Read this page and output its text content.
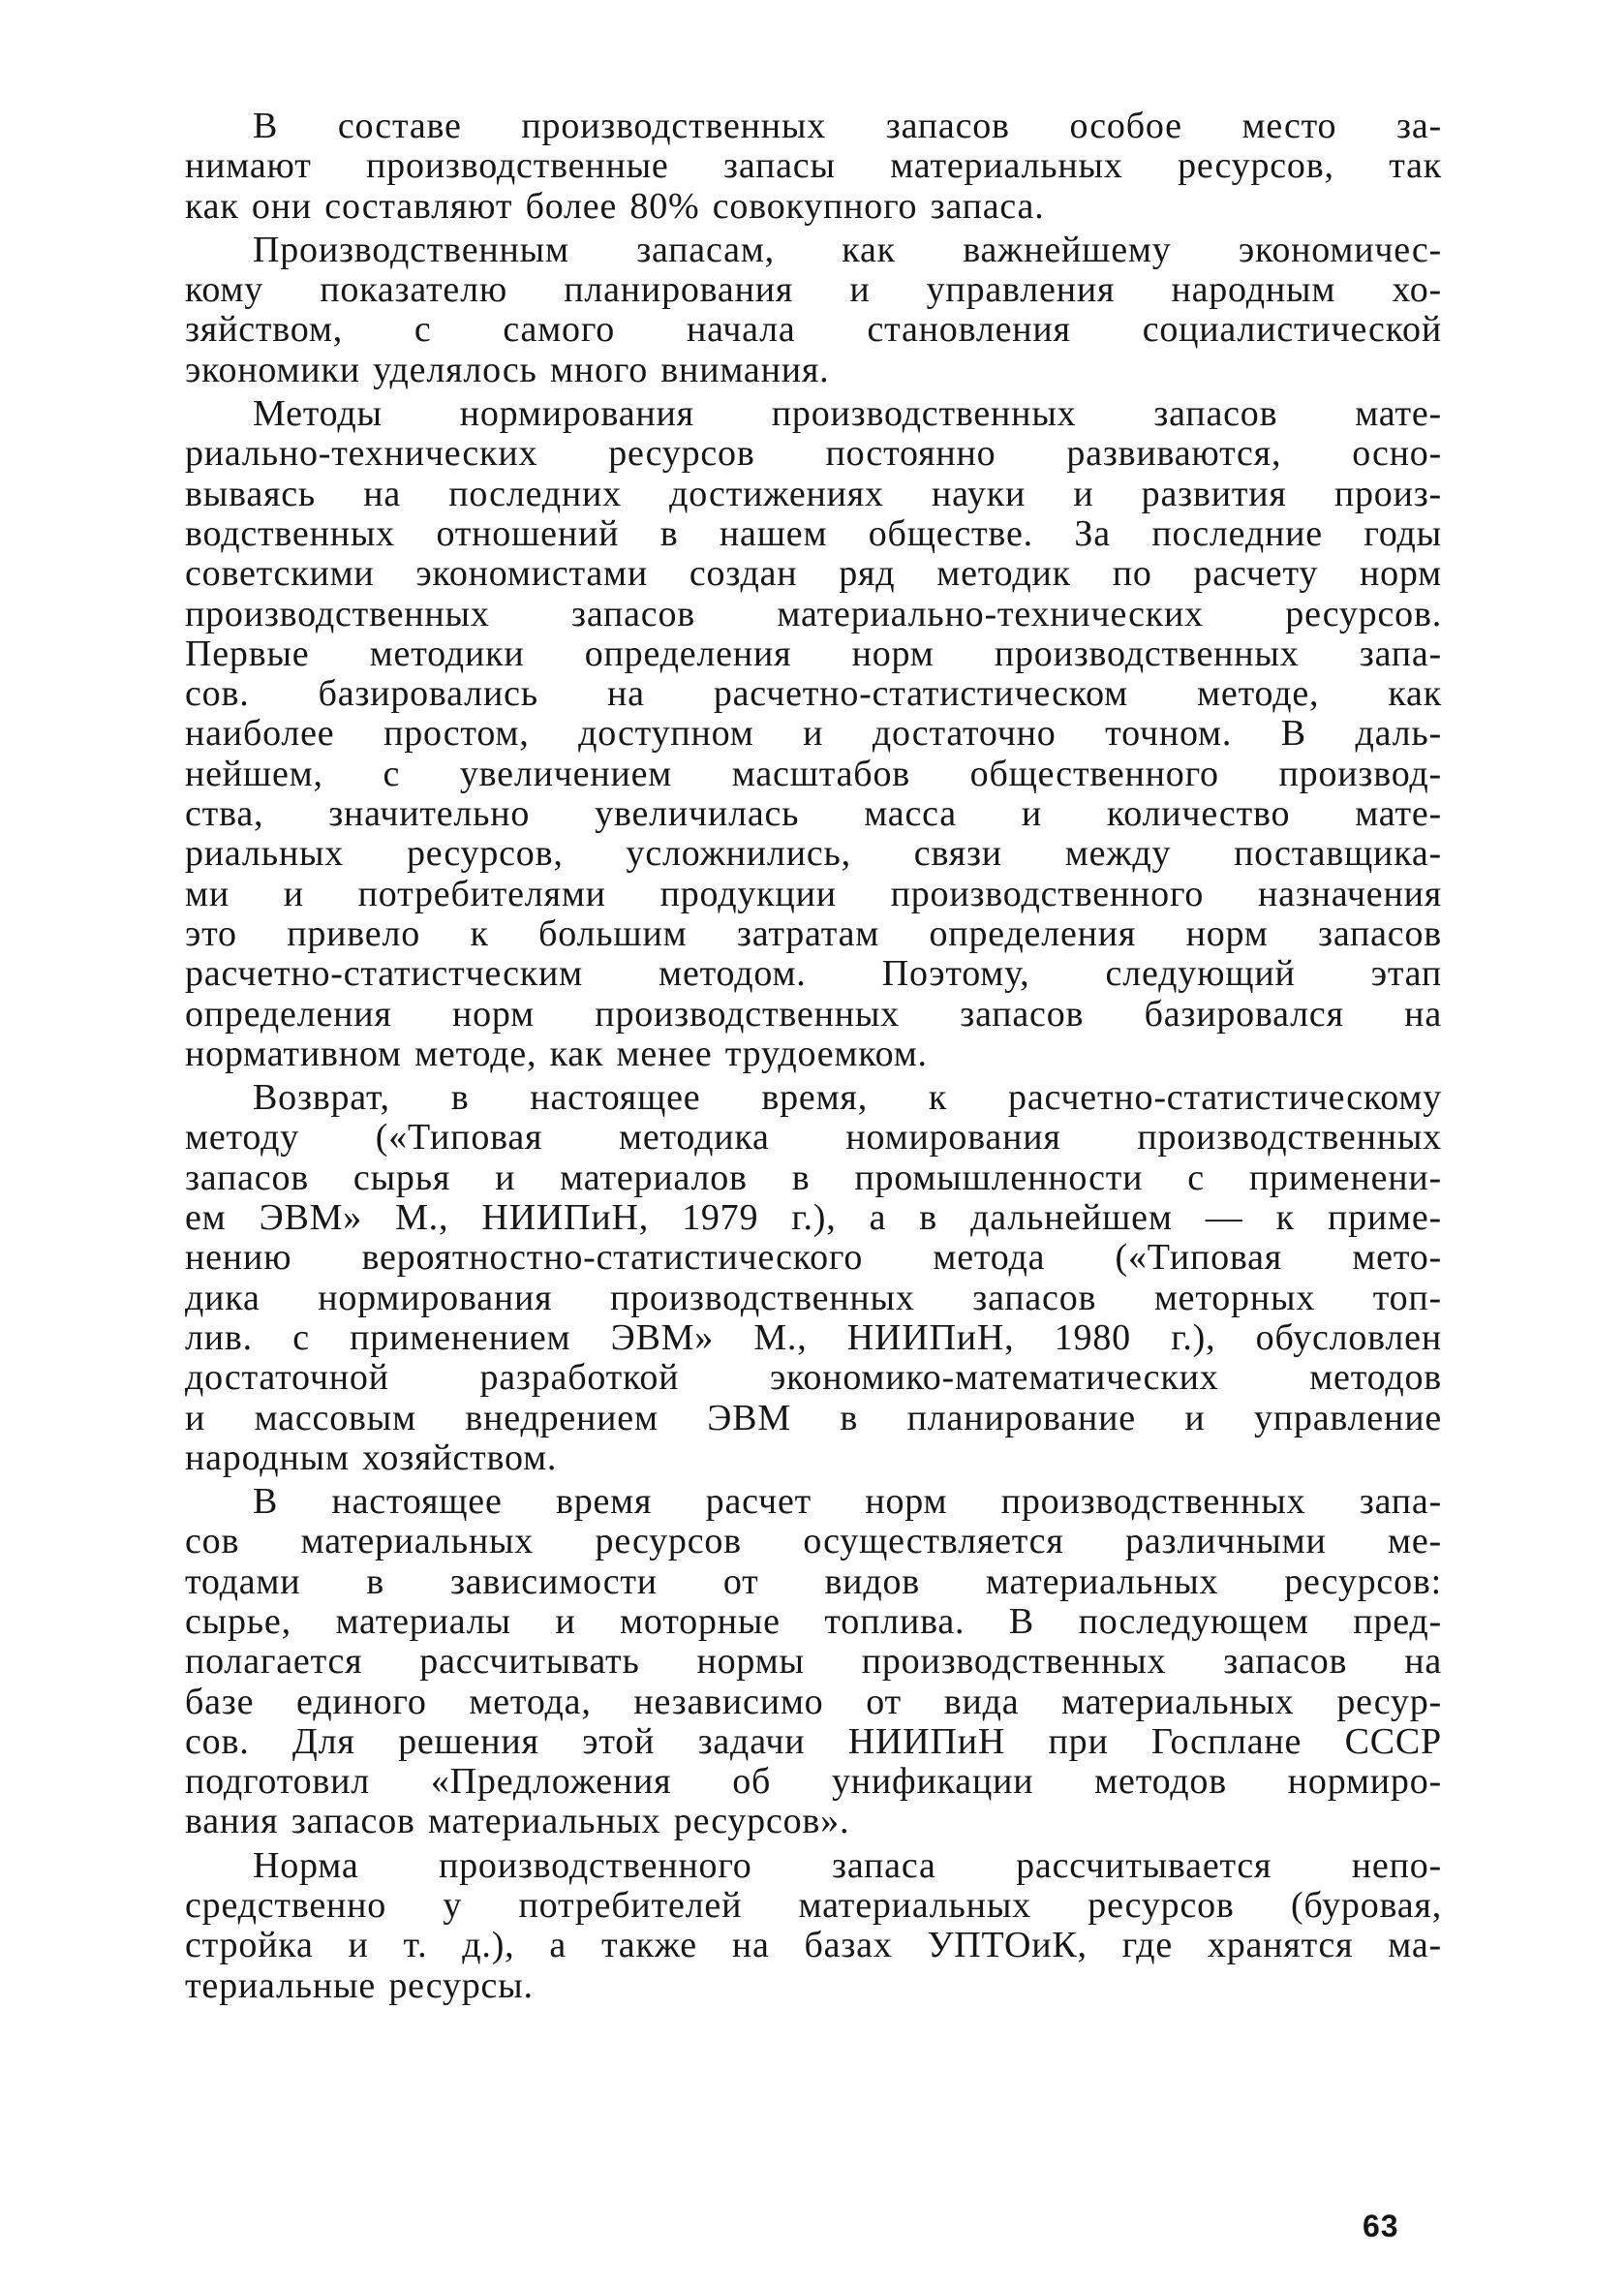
В составе производственных запасов особое место за-
нимают производственные запасы материальных ресурсов, так
как они составляют более 80% совокупного запаса.

Производственным запасам, как важнейшему экономичес-
кому показателю планирования и управления народным хо-
зяйством, с самого начала становления социалистической
экономики уделялось много внимания.

Методы нормирования производственных запасов мате-
риально-технических ресурсов постоянно развиваются, осно-
вываясь на последних достижениях науки и развития произ-
водственных отношений в нашем обществе. За последние годы
советскими экономистами создан ряд методик по расчету норм
производственных запасов материально-технических ресурсов.
Первые методики определения норм производственных запа-
сов. базировались на расчетно-статистическом методе, как
наиболее простом, доступном и достаточно точном. В даль-
нейшем, с увеличением масштабов общественного производ-
ства, значительно увеличилась масса и количество мате-
риальных ресурсов, усложнились, связи между поставщика-
ми и потребителями продукции производственного назначения
это привело к большим затратам определения норм запасов
расчетно-статистческим методом. Поэтому, следующий этап
определения норм производственных запасов базировался на
нормативном методе, как менее трудоемком.

Возврат, в настоящее время, к расчетно-статистическому
методу («Типовая методика номирования производственных
запасов сырья и материалов в промышленности с применени-
ем ЭВМ» М., НИИПиН, 1979 г.), а в дальнейшем — к приме-
нению вероятностно-статистического метода («Типовая мето-
дика нормирования производственных запасов меторных топ-
лив. с применением ЭВМ» М., НИИПиН, 1980 г.), обусловлен
достаточной разработкой экономико-математических методов
и массовым внедрением ЭВМ в планирование и управление
народным хозяйством.

В настоящее время расчет норм производственных запа-
сов материальных ресурсов осуществляется различными ме-
тодами в зависимости от видов материальных ресурсов:
сырье, материалы и моторные топлива. В последующем пред-
полагается рассчитывать нормы производственных запасов на
базе единого метода, независимо от вида материальных ресур-
сов. Для решения этой задачи НИИПиН при Госплане СССР
подготовил «Предложения об унификации методов нормиро-
вания запасов материальных ресурсов».

Норма производственного запаса рассчитывается непо-
средственно у потребителей материальных ресурсов (буровая,
стройка и т. д.), а также на базах УПТОиК, где хранятся ма-
териальные ресурсы.

63
